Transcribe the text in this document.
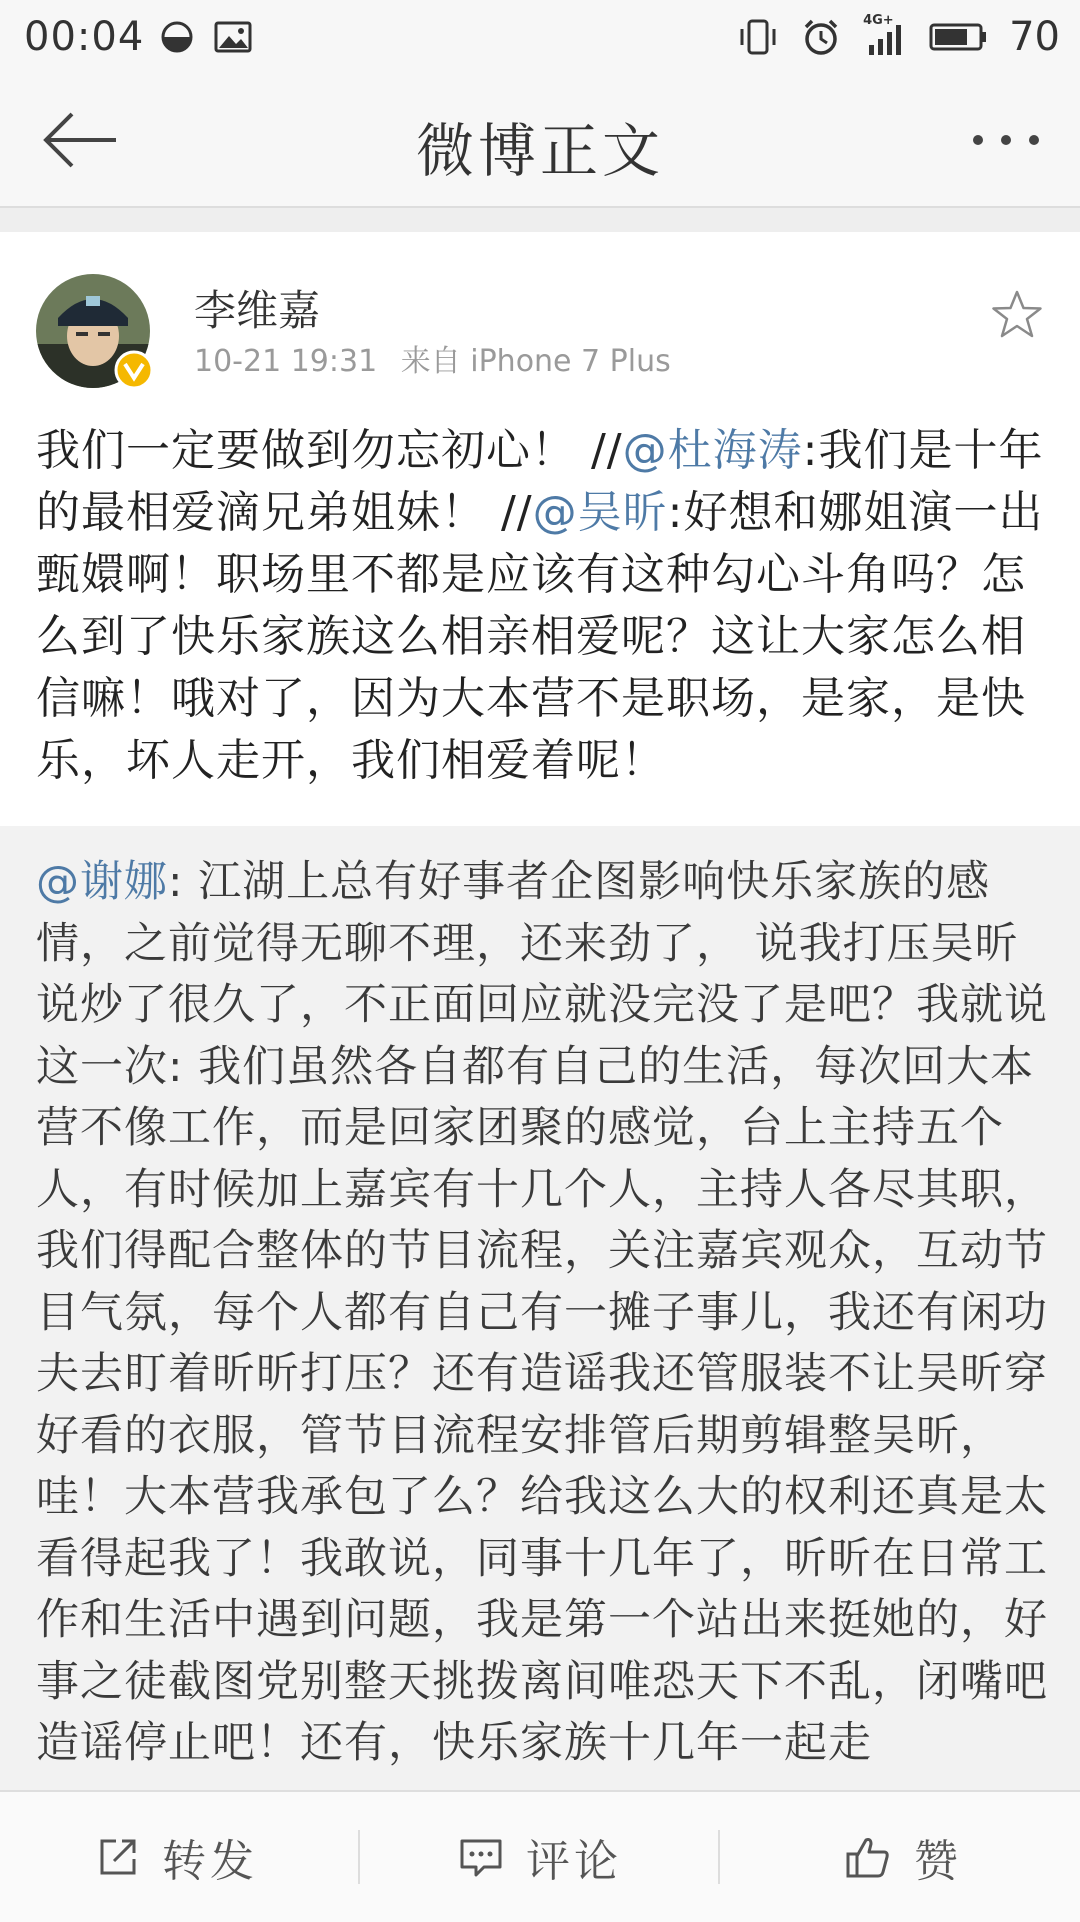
00:04	4G+	70
微博正文
李维嘉
10-21 19:31 来自 iPhone 7 Plus
我们一定要做到勿忘初心！ //@杜海涛:我们是十年的最相爱滴兄弟姐妹！ //@吴昕:好想和娜姐演一出甄嬛啊！职场里不都是应该有这种勾心斗角吗？怎么到了快乐家族这么相亲相爱呢？这让大家怎么相信嘛！哦对了，因为大本营不是职场，是家，是快乐，坏人走开，我们相爱着呢！
@谢娜: 江湖上总有好事者企图影响快乐家族的感情，之前觉得无聊不理，还来劲了， 说我打压吴昕说炒了很久了，不正面回应就没完没了是吧？我就说这一次: 我们虽然各自都有自己的生活，每次回大本营不像工作，而是回家团聚的感觉，台上主持五个人，有时候加上嘉宾有十几个人，主持人各尽其职，我们得配合整体的节目流程，关注嘉宾观众，互动节目气氛，每个人都有自己有一摊子事儿，我还有闲功夫去盯着昕昕打压？还有造谣我还管服装不让吴昕穿好看的衣服，管节目流程安排管后期剪辑整吴昕，哇！大本营我承包了么？给我这么大的权利还真是太看得起我了！我敢说，同事十几年了，昕昕在日常工作和生活中遇到问题，我是第一个站出来挺她的，好事之徒截图党别整天挑拨离间唯恐天下不乱，闭嘴吧造谣停止吧！还有，快乐家族十几年一起走
转发	评论	赞
